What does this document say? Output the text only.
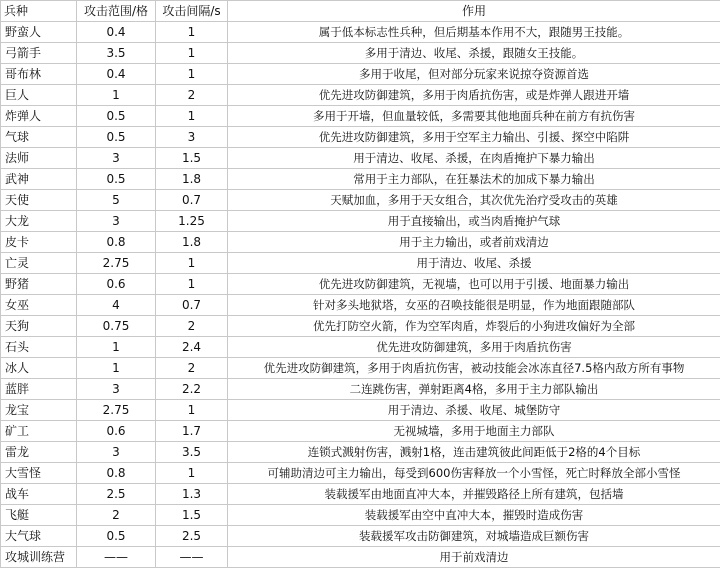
兵种	攻击范围/格	攻击间隔/s	作用
野蛮人	0.4	1	属于低本标志性兵种，但后期基本作用不大，跟随男王技能。
弓箭手	3.5	1	多用于清边、收尾、杀援，跟随女王技能。
哥布林	0.4	1	多用于收尾，但对部分玩家来说掠夺资源首选
巨人	1	2	优先进攻防御建筑，多用于肉盾抗伤害，或是炸弹人跟进开墙
炸弹人	0.5	1	多用于开墙，但血量较低，多需要其他地面兵种在前方有抗伤害
气球	0.5	3	优先进攻防御建筑，多用于空军主力输出、引援、探空中陷阱
法师	3	1.5	用于清边、收尾、杀援，在肉盾掩护下暴力输出
武神	0.5	1.8	常用于主力部队，在狂暴法术的加成下暴力输出
天使	5	0.7	天赋加血，多用于天女组合，其次优先治疗受攻击的英雄
大龙	3	1.25	用于直接输出，或当肉盾掩护气球
皮卡	0.8	1.8	用于主力输出，或者前戏清边
亡灵	2.75	1	用于清边、收尾、杀援
野猪	0.6	1	优先进攻防御建筑，无视墙，也可以用于引援、地面暴力输出
女巫	4	0.7	针对多头地狱塔，女巫的召唤技能很是明显，作为地面跟随部队
天狗	0.75	2	优先打防空火箭，作为空军肉盾，炸裂后的小狗进攻偏好为全部
石头	1	2.4	优先进攻防御建筑，多用于肉盾抗伤害
冰人	1	2	优先进攻防御建筑，多用于肉盾抗伤害，被动技能会冰冻直径7.5格内敌方所有事物
蓝胖	3	2.2	二连跳伤害，弹射距离4格，多用于主力部队输出
龙宝	2.75	1	用于清边、杀援、收尾、城堡防守
矿工	0.6	1.7	无视城墙，多用于地面主力部队
雷龙	3	3.5	连锁式溅射伤害，溅射1格，连击建筑彼此间距低于2格的4个目标
大雪怪	0.8	1	可辅助清边可主力输出，每受到600伤害释放一个小雪怪，死亡时释放全部小雪怪
战车	2.5	1.3	装载援军由地面直冲大本，并摧毁路径上所有建筑，包括墙
飞艇	2	1.5	装载援军由空中直冲大本，摧毁时造成伤害
大气球	0.5	2.5	装载援军攻击防御建筑，对城墙造成巨额伤害
攻城训练营	——	——	用于前戏清边
